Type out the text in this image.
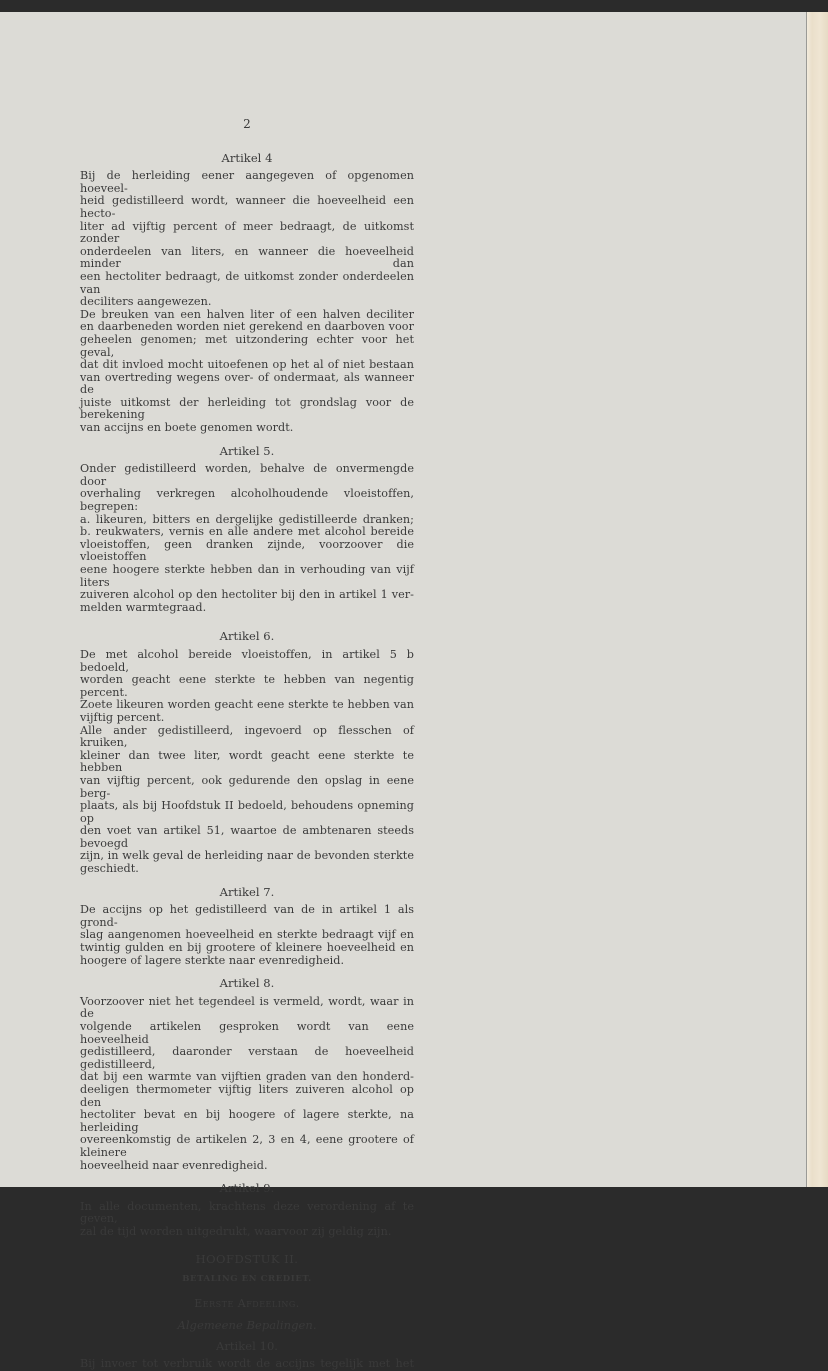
2
Artikel 4
Bij de herleiding eener aangegeven of opgenomen hoeveel-
heid gedistilleerd wordt, wanneer die hoeveelheid een hecto-
liter ad vijftig percent of meer bedraagt, de uitkomst zonder
onderdeelen van liters, en wanneer die hoeveelheid minder dan
een hectoliter bedraagt, de uitkomst zonder onderdeelen van
deciliters aangewezen.
De breuken van een halven liter of een halven deciliter
en daarbeneden worden niet gerekend en daarboven voor
geheelen genomen; met uitzondering echter voor het geval,
dat dit invloed mocht uitoefenen op het al of niet bestaan
van overtreding wegens over- of ondermaat, als wanneer de
juiste uitkomst der herleiding tot grondslag voor de berekening
van accijns en boete genomen wordt.
Artikel 5.
Onder gedistilleerd worden, behalve de onvermengde door
overhaling verkregen alcoholhoudende vloeistoffen, begrepen:
a. likeuren, bitters en dergelijke gedistilleerde dranken;
b. reukwaters, vernis en alle andere met alcohol bereide
vloeistoffen, geen dranken zijnde, voorzoover die vloeistoffen
eene hoogere sterkte hebben dan in verhouding van vijf liters
zuiveren alcohol op den hectoliter bij den in artikel 1 ver-
melden warmtegraad.
Artikel 6.
De met alcohol bereide vloeistoffen, in artikel 5 b bedoeld,
worden geacht eene sterkte te hebben van negentig percent.
Zoete likeuren worden geacht eene sterkte te hebben van
vijftig percent.
Alle ander gedistilleerd, ingevoerd op flesschen of kruiken,
kleiner dan twee liter, wordt geacht eene sterkte te hebben
van vijftig percent, ook gedurende den opslag in eene berg-
plaats, als bij Hoofdstuk II bedoeld, behoudens opneming op
den voet van artikel 51, waartoe de ambtenaren steeds bevoegd
zijn, in welk geval de herleiding naar de bevonden sterkte
geschiedt.
Artikel 7.
De accijns op het gedistilleerd van de in artikel 1 als grond-
slag aangenomen hoeveelheid en sterkte bedraagt vijf en
twintig gulden en bij grootere of kleinere hoeveelheid en
hoogere of lagere sterkte naar evenredigheid.
Artikel 8.
Voorzoover niet het tegendeel is vermeld, wordt, waar in de
volgende artikelen gesproken wordt van eene hoeveelheid
gedistilleerd, daaronder verstaan de hoeveelheid gedistilleerd,
dat bij een warmte van vijftien graden van den honderd-
deeligen thermometer vijftig liters zuiveren alcohol op den
hectoliter bevat en bij hoogere of lagere sterkte, na herleiding
overeenkomstig de artikelen 2, 3 en 4, eene grootere of kleinere
hoeveelheid naar evenredigheid.
Artikel 9.
In alle documenten, krachtens deze verordening af te geven,
zal de tijd worden uitgedrukt, waarvoor zij geldig zijn.
HOOFDSTUK II.
BETALING EN CREDIET.
Eerste Afdeeling.
Algemeene Bepalingen.
Artikel 10.
Bij invoer tot verbruik wordt de accijns tegelijk met het
